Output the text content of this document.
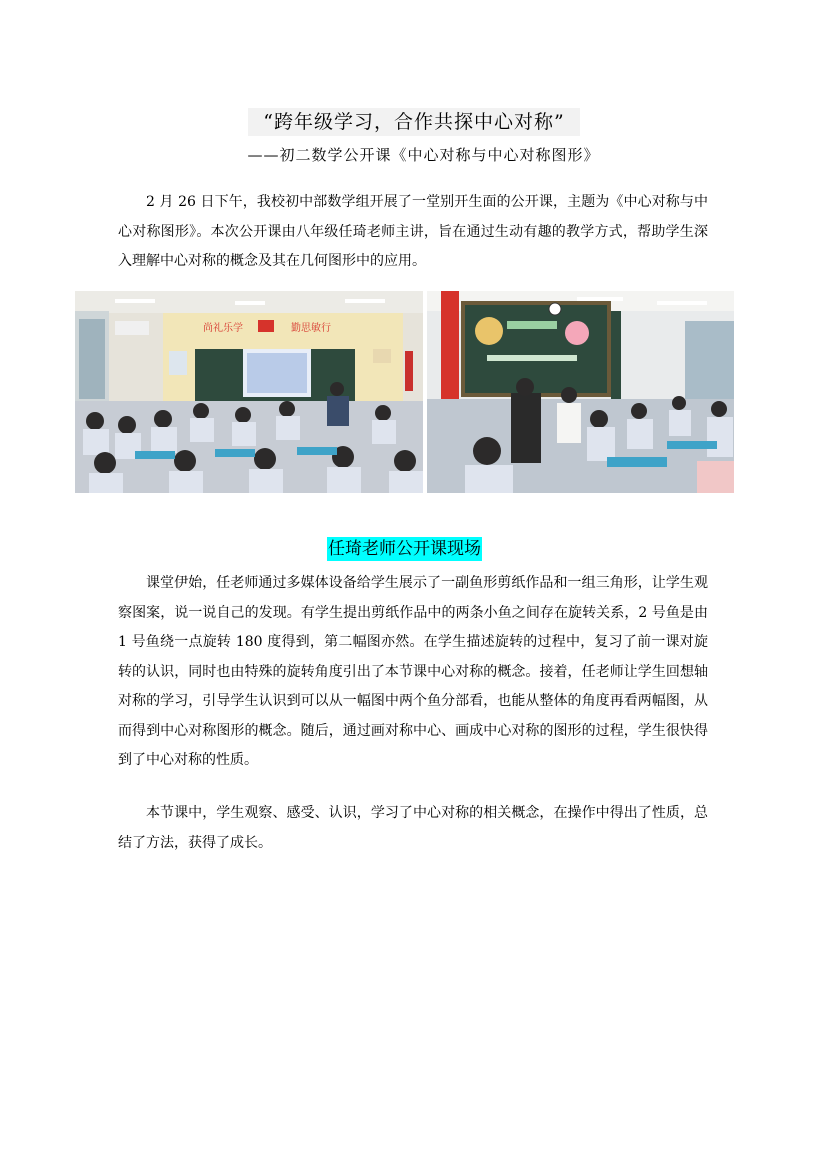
“跨年级学习，合作共探中心对称”
——初二数学公开课《中心对称与中心对称图形》
2 月 26 日下午，我校初中部数学组开展了一堂别开生面的公开课，主题为《中心对称与中心对称图形》。本次公开课由八年级任琦老师主讲，旨在通过生动有趣的教学方式，帮助学生深入理解中心对称的概念及其在几何图形中的应用。
尚礼乐学	勤思敏行
任琦老师公开课现场
课堂伊始，任老师通过多媒体设备给学生展示了一副鱼形剪纸作品和一组三角形，让学生观察图案，说一说自己的发现。有学生提出剪纸作品中的两条小鱼之间存在旋转关系，2 号鱼是由 1 号鱼绕一点旋转 180 度得到，第二幅图亦然。在学生描述旋转的过程中，复习了前一课对旋转的认识，同时也由特殊的旋转角度引出了本节课中心对称的概念。接着，任老师让学生回想轴对称的学习，引导学生认识到可以从一幅图中两个鱼分部看，也能从整体的角度再看两幅图，从而得到中心对称图形的概念。随后，通过画对称中心、画成中心对称的图形的过程，学生很快得到了中心对称的性质。
本节课中，学生观察、感受、认识，学习了中心对称的相关概念，在操作中得出了性质，总结了方法，获得了成长。
